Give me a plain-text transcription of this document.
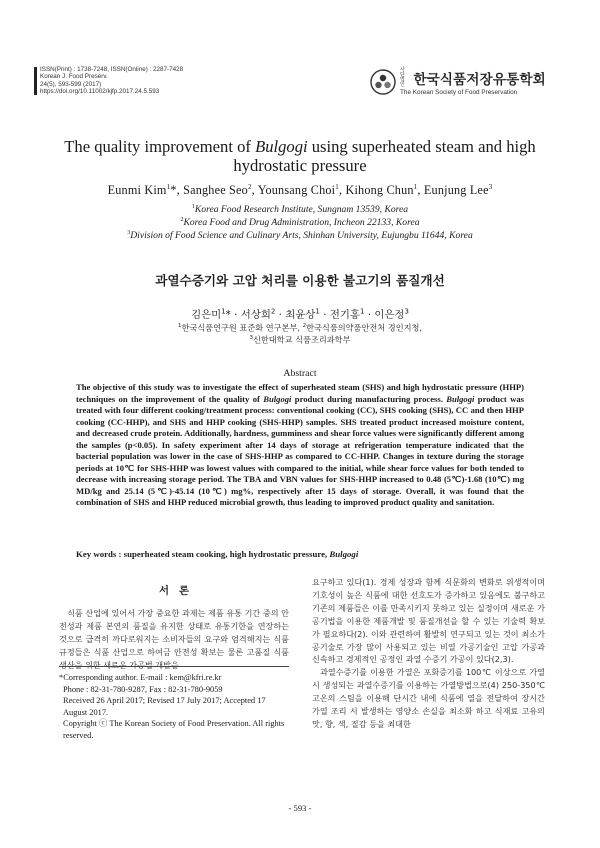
ISSN(Print) : 1738-7248, ISSN(Online) : 2287-7428
Korean J. Food Preserv.
24(5), 593-599 (2017)
https://doi.org/10.11002/kjfp.2017.24.5.593
사단 법인 한국식품저장유통학회
The Korean Society of Food Preservation
The quality improvement of Bulgogi using superheated steam and high hydrostatic pressure
Eunmi Kim$^1$*, Sanghee Seo$^2$, Younsang Choi$^1$, Kihong Chun$^1$, Eunjung Lee$^3$
$^1$Korea Food Research Institute, Sungnam 13539, Korea
$^2$Korea Food and Drug Administration, Incheon 22133, Korea
$^3$Division of Food Science and Culinary Arts, Shinhan University, Eujungbu 11644, Korea
과열수증기와 고압 처리를 이용한 불고기의 품질개선
김은미$^1$* · 서상희$^2$ · 최윤상$^1$ · 전기홍$^1$ · 이은정$^3$
$^1$한국식품연구원 표준화 연구본부, $^2$한국식품의약품안전처 경인지청,
$^3$신한대학교 식품조리과학부
Abstract

The objective of this study was to investigate the effect of superheated steam (SHS) and high hydrostatic pressure (HHP) techniques on the improvement of the quality of Bulgogi product during manufacturing process. Bulgogi product was treated with four different cooking/treatment process: conventional cooking (CC), SHS cooking (SHS), CC and then HHP cooking (CC-HHP), and SHS and HHP cooking (SHS-HHP) samples. SHS treated product increased moisture content, and decreased crude protein. Additionally, hardness, gumminess and shear force values were significantly different among the samples (p<0.05). In safety experiment after 14 days of storage at refrigeration temperature indicated that the bacterial population was lower in the case of SHS-HHP as compared to CC-HHP. Changes in texture during the storage periods at 10℃ for SHS-HHP was lowest values with compared to the initial, while shear force values for both tended to decrease with increasing storage period. The TBA and VBN values for SHS-HHP increased to 0.48 (5℃)-1.68 (10℃) mg MD/kg and 25.14 (5℃)-45.14 (10℃) mg%, respectively after 15 days of storage. Overall, it was found that the combination of SHS and HHP reduced microbial growth, thus leading to improved product quality and sanitation.

Key words : superheated steam cooking, high hydrostatic pressure, Bulgogi
서론

식품 산업에 있어서 가장 중요한 과제는 제품 유통 기간 중의 안전성과 제품 본연의 품질을 유지한 상태로 유통기한을 연장하는 것으로 급격히 까다로워지는 소비자들의 요구와 엄격해지는 식품 규정들은 식품 산업으로 하여금 안전성 확보는 물론 고품질 식품생산을 위한 새로운 가공법 개발을

요구하고 있다(1). 경제 성장과 함께 식문화의 변화로 위생적이며 기호성이 높은 식품에 대한 선호도가 증가하고 있음에도 불구하고 기존의 제품들은 이를 만족시키지 못하고 있는 실정이며 새로운 가공기법을 이용한 제품개발 및 품질개선을 할 수 있는 기술력 확보가 필요하다(2). 이와 관련하여 활발히 연구되고 있는 것이 최소가공기술로 가장 많이 사용되고 있는 비열 가공기술인 고압 가공과 신속하고 경제적인 공정인 과열 수증기 가공이 있다(2,3).

과열수증기를 이용한 가열은 포화증기를 100℃ 이상으로 가열시 생성되는 과열수증기를 이용하는 가열방법으로(4) 250-350℃ 고온의 스팀을 이용해 단시간 내에 식품에 열을 전달하여 장시간 가열 조리 시 발생하는 영양소 손실을 최소화 하고 식재료 고유의 맛, 향, 색, 질감 등을 최대한

*Corresponding author. E-mail : kem@kfri.re.kr

Phone : 82-31-780-9287, Fax : 82-31-780-9059

Received 26 April 2017; Revised 17 July 2017; Accepted 17 August 2017.

Copyright ⓒ The Korean Society of Food Preservation. All rights reserved.

- 593 -
